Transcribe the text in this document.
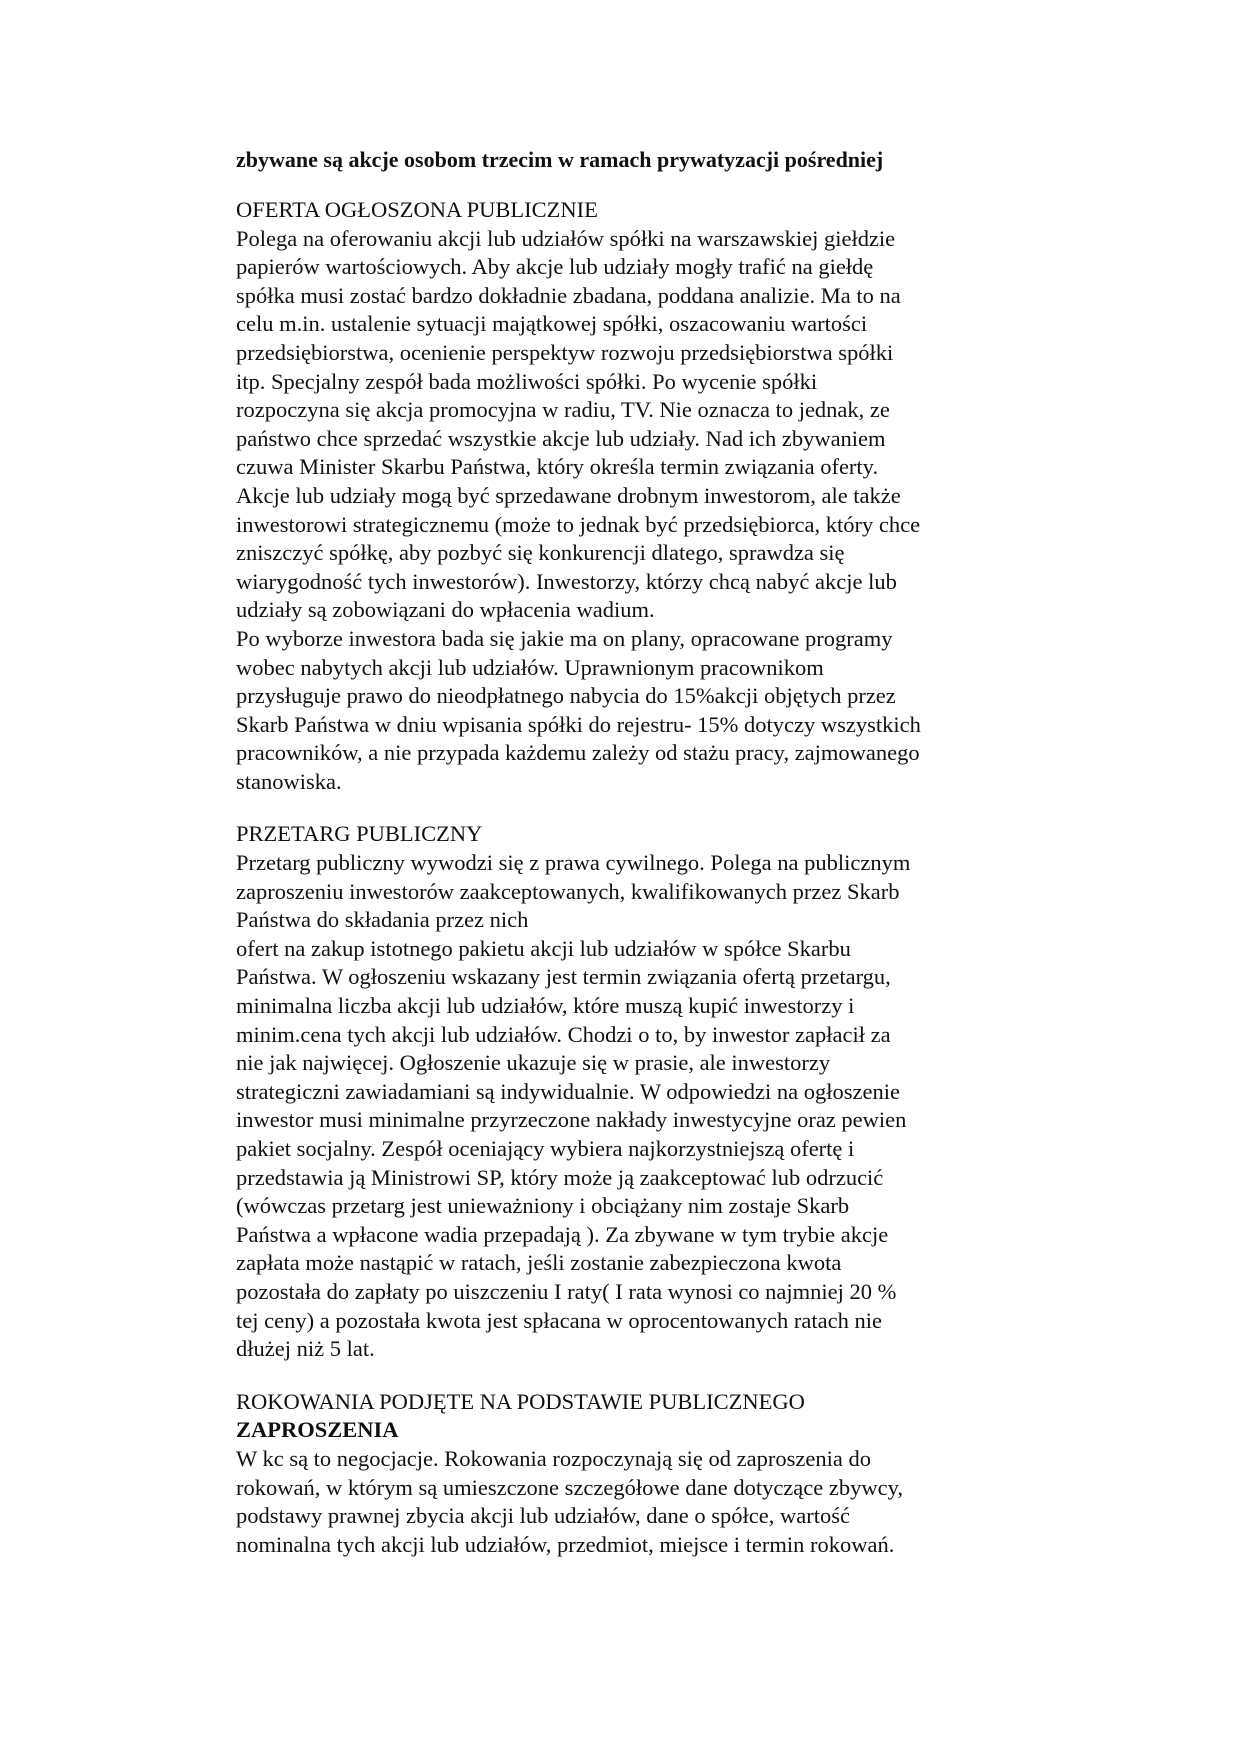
zbywane są akcje osobom trzecim w ramach prywatyzacji pośredniej
OFERTA OGŁOSZONA PUBLICZNIE
Polega na oferowaniu akcji lub udziałów spółki na warszawskiej giełdzie
papierów wartościowych. Aby akcje lub udziały mogły trafić na giełdę
spółka musi zostać bardzo dokładnie zbadana, poddana analizie. Ma to na
celu m.in. ustalenie sytuacji majątkowej spółki, oszacowaniu wartości
przedsiębiorstwa, ocenienie perspektyw rozwoju przedsiębiorstwa spółki
itp. Specjalny zespół bada możliwości spółki. Po wycenie spółki
rozpoczyna się akcja promocyjna w radiu, TV. Nie oznacza to jednak, ze
państwo chce sprzedać wszystkie akcje lub udziały. Nad ich zbywaniem
czuwa Minister Skarbu Państwa, który określa termin związania oferty.
Akcje lub udziały mogą być sprzedawane drobnym inwestorom, ale także
inwestorowi strategicznemu (może to jednak być przedsiębiorca, który chce
zniszczyć spółkę, aby pozbyć się konkurencji dlatego, sprawdza się
wiarygodność tych inwestorów). Inwestorzy, którzy chcą nabyć akcje lub
udziały są zobowiązani do wpłacenia wadium.
Po wyborze inwestora bada się jakie ma on plany, opracowane programy
wobec nabytych akcji lub udziałów. Uprawnionym pracownikom
przysługuje prawo do nieodpłatnego nabycia do 15%akcji objętych przez
Skarb Państwa w dniu wpisania spółki do rejestru- 15% dotyczy wszystkich
pracowników, a nie przypada każdemu zależy od stażu pracy, zajmowanego
stanowiska.
PRZETARG PUBLICZNY
Przetarg publiczny wywodzi się z prawa cywilnego. Polega na publicznym
zaproszeniu inwestorów zaakceptowanych, kwalifikowanych przez Skarb
Państwa do składania przez nich
ofert na zakup istotnego pakietu akcji lub udziałów w spółce Skarbu
Państwa. W ogłoszeniu wskazany jest termin związania ofertą przetargu,
minimalna liczba akcji lub udziałów, które muszą kupić inwestorzy i
minim.cena tych akcji lub udziałów. Chodzi o to, by inwestor zapłacił za
nie jak najwięcej. Ogłoszenie ukazuje się w prasie, ale inwestorzy
strategiczni zawiadamiani są indywidualnie. W odpowiedzi na ogłoszenie
inwestor musi minimalne przyrzeczone nakłady inwestycyjne oraz pewien
pakiet socjalny. Zespół oceniający wybiera najkorzystniejszą ofertę i
przedstawia ją Ministrowi SP, który może ją zaakceptować lub odrzucić
(wówczas przetarg jest unieważniony i obciążany nim zostaje Skarb
Państwa a wpłacone wadia przepadają ). Za zbywane w tym trybie akcje
zapłata może nastąpić w ratach, jeśli zostanie zabezpieczona kwota
pozostała do zapłaty po uiszczeniu I raty( I rata wynosi co najmniej 20 %
tej ceny) a pozostała kwota jest spłacana w oprocentowanych ratach nie
dłużej niż 5 lat.
ROKOWANIA PODJĘTE NA PODSTAWIE PUBLICZNEGO
ZAPROSZENIA
W kc są to negocjacje. Rokowania rozpoczynają się od zaproszenia do
rokowań, w którym są umieszczone szczegółowe dane dotyczące zbywcy,
podstawy prawnej zbycia akcji lub udziałów, dane o spółce, wartość
nominalna tych akcji lub udziałów, przedmiot, miejsce i termin rokowań.
